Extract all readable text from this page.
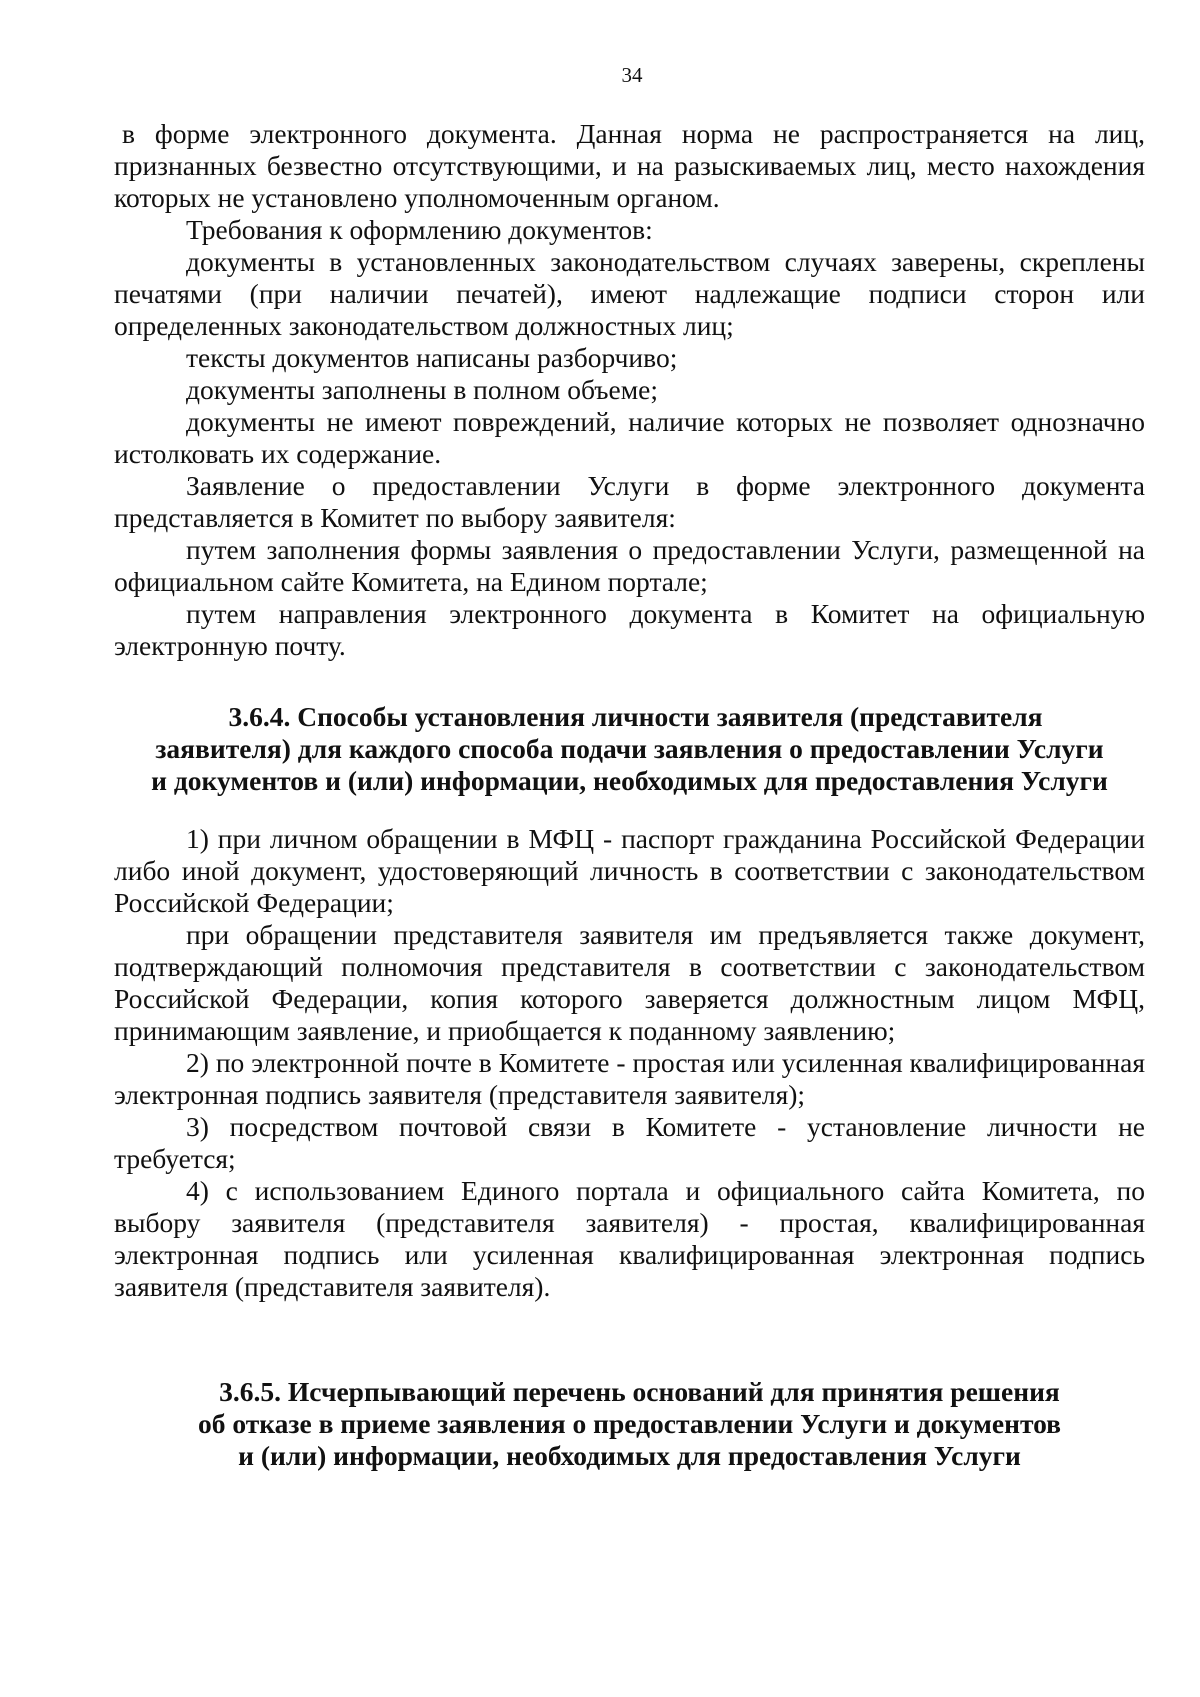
34

в форме электронного документа. Данная норма не распространяется на лиц, признанных безвестно отсутствующими, и на разыскиваемых лиц, место нахождения которых не установлено уполномоченным органом.

Требования к оформлению документов:

документы в установленных законодательством случаях заверены, скреплены печатями (при наличии печатей), имеют надлежащие подписи сторон или определенных законодательством должностных лиц;

тексты документов написаны разборчиво;

документы заполнены в полном объеме;

документы не имеют повреждений, наличие которых не позволяет однозначно истолковать их содержание.

Заявление о предоставлении Услуги в форме электронного документа представляется в Комитет по выбору заявителя:

путем заполнения формы заявления о предоставлении Услуги, размещенной на официальном сайте Комитета, на Едином портале;

путем направления электронного документа в Комитет на официальную электронную почту.

3.6.4. Способы установления личности заявителя (представителя
заявителя) для каждого способа подачи заявления о предоставлении Услуги
и документов и (или) информации, необходимых для предоставления Услуги

1) при личном обращении в МФЦ - паспорт гражданина Российской Федерации либо иной документ, удостоверяющий личность в соответствии с законодательством Российской Федерации;

при обращении представителя заявителя им предъявляется также документ, подтверждающий полномочия представителя в соответствии с законодательством Российской Федерации, копия которого заверяется должностным лицом МФЦ, принимающим заявление, и приобщается к поданному заявлению;

2) по электронной почте в Комитете - простая или усиленная квалифицированная электронная подпись заявителя (представителя заявителя);

3) посредством почтовой связи в Комитете - установление личности не требуется;

4) с использованием Единого портала и официального сайта Комитета, по выбору заявителя (представителя заявителя) - простая, квалифицированная электронная подпись или усиленная квалифицированная электронная подпись заявителя (представителя заявителя).

3.6.5. Исчерпывающий перечень оснований для принятия решения
об отказе в приеме заявления о предоставлении Услуги и документов
и (или) информации, необходимых для предоставления Услуги
